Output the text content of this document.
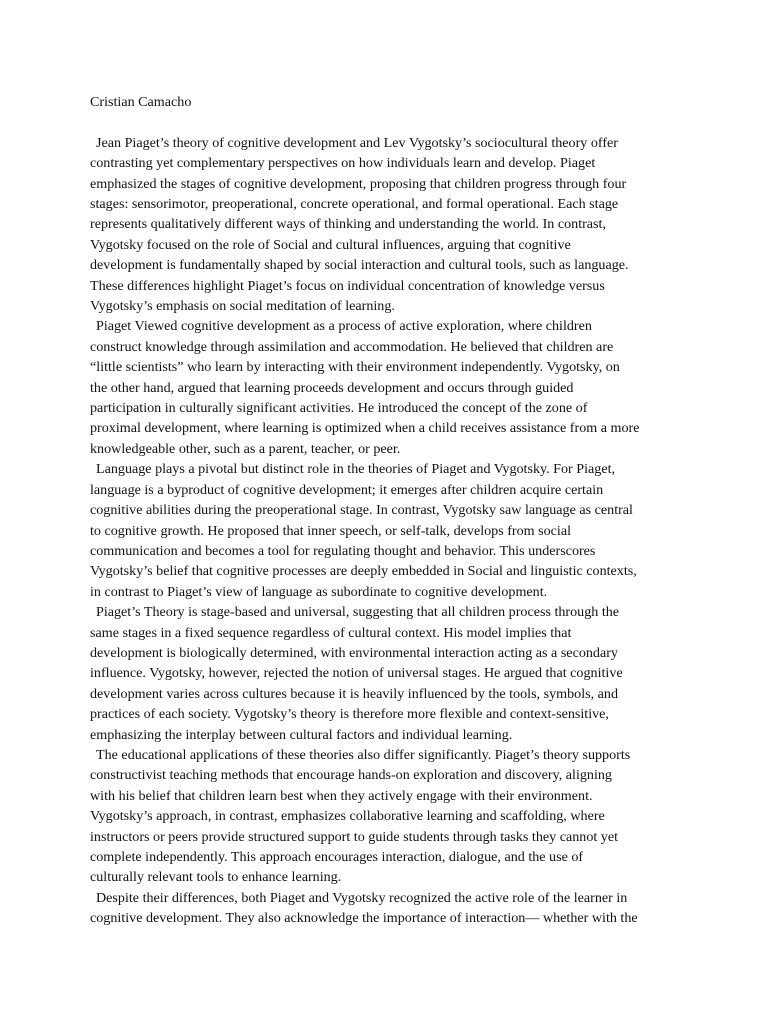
Cristian Camacho

Jean Piaget’s theory of cognitive development and Lev Vygotsky’s sociocultural theory offer
contrasting yet complementary perspectives on how individuals learn and develop. Piaget
emphasized the stages of cognitive development, proposing that children progress through four
stages: sensorimotor, preoperational, concrete operational, and formal operational. Each stage
represents qualitatively different ways of thinking and understanding the world. In contrast,
Vygotsky focused on the role of Social and cultural influences, arguing that cognitive
development is fundamentally shaped by social interaction and cultural tools, such as language.
These differences highlight Piaget’s focus on individual concentration of knowledge versus
Vygotsky’s emphasis on social meditation of learning.

Piaget Viewed cognitive development as a process of active exploration, where children
construct knowledge through assimilation and accommodation. He believed that children are
“little scientists” who learn by interacting with their environment independently. Vygotsky, on
the other hand, argued that learning proceeds development and occurs through guided
participation in culturally significant activities. He introduced the concept of the zone of
proximal development, where learning is optimized when a child receives assistance from a more
knowledgeable other, such as a parent, teacher, or peer.

Language plays a pivotal but distinct role in the theories of Piaget and Vygotsky. For Piaget,
language is a byproduct of cognitive development; it emerges after children acquire certain
cognitive abilities during the preoperational stage. In contrast, Vygotsky saw language as central
to cognitive growth. He proposed that inner speech, or self-talk, develops from social
communication and becomes a tool for regulating thought and behavior. This underscores
Vygotsky’s belief that cognitive processes are deeply embedded in Social and linguistic contexts,
in contrast to Piaget’s view of language as subordinate to cognitive development.

Piaget’s Theory is stage-based and universal, suggesting that all children process through the
same stages in a fixed sequence regardless of cultural context. His model implies that
development is biologically determined, with environmental interaction acting as a secondary
influence. Vygotsky, however, rejected the notion of universal stages. He argued that cognitive
development varies across cultures because it is heavily influenced by the tools, symbols, and
practices of each society. Vygotsky’s theory is therefore more flexible and context-sensitive,
emphasizing the interplay between cultural factors and individual learning.

The educational applications of these theories also differ significantly. Piaget’s theory supports
constructivist teaching methods that encourage hands-on exploration and discovery, aligning
with his belief that children learn best when they actively engage with their environment.
Vygotsky’s approach, in contrast, emphasizes collaborative learning and scaffolding, where
instructors or peers provide structured support to guide students through tasks they cannot yet
complete independently. This approach encourages interaction, dialogue, and the use of
culturally relevant tools to enhance learning.

Despite their differences, both Piaget and Vygotsky recognized the active role of the learner in
cognitive development. They also acknowledge the importance of interaction— whether with the
